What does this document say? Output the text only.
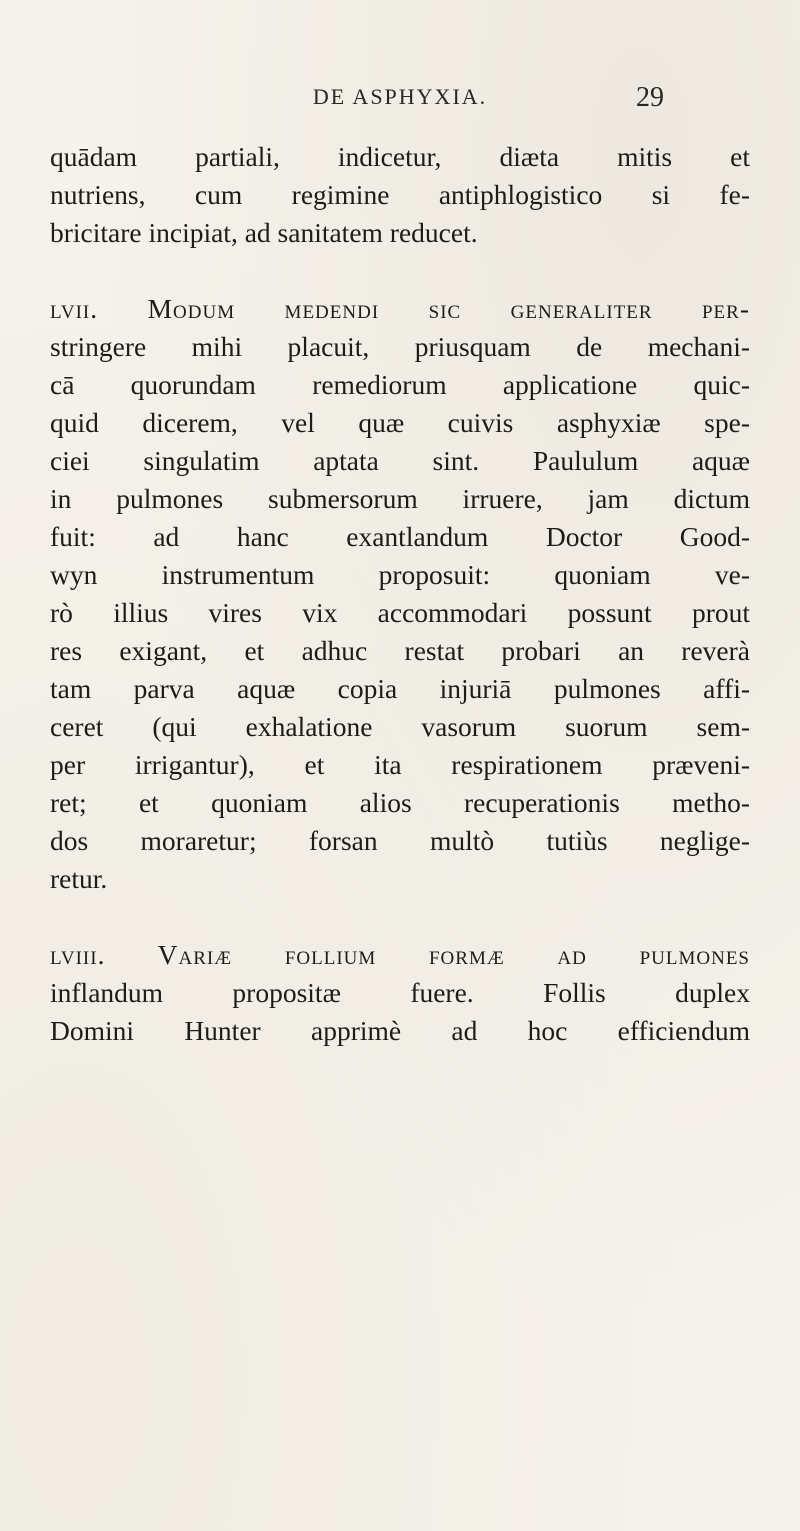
DE ASPHYXIA.	29
quādam partiali, indicetur, diæta mitis et
nutriens, cum regimine antiphlogistico si fe-
bricitare incipiat, ad sanitatem reducet.
lvii. Modum medendi sic generaliter per-
stringere mihi placuit, priusquam de mechani-
cā quorundam remediorum applicatione quic-
quid dicerem, vel quæ cuivis asphyxiæ spe-
ciei singulatim aptata sint. Paululum aquæ
in pulmones submersorum irruere, jam dictum
fuit: ad hanc exantlandum Doctor Good-
wyn instrumentum proposuit: quoniam ve-
rò illius vires vix accommodari possunt prout
res exigant, et adhuc restat probari an reverà
tam parva aquæ copia injuriā pulmones affi-
ceret (qui exhalatione vasorum suorum sem-
per irrigantur), et ita respirationem præveni-
ret; et quoniam alios recuperationis metho-
dos moraretur; forsan multò tutiùs neglige-
retur.
lviii. Variæ follium formæ ad pulmones
inflandum propositæ fuere. Follis duplex
Domini Hunter apprimè ad hoc efficiendum
